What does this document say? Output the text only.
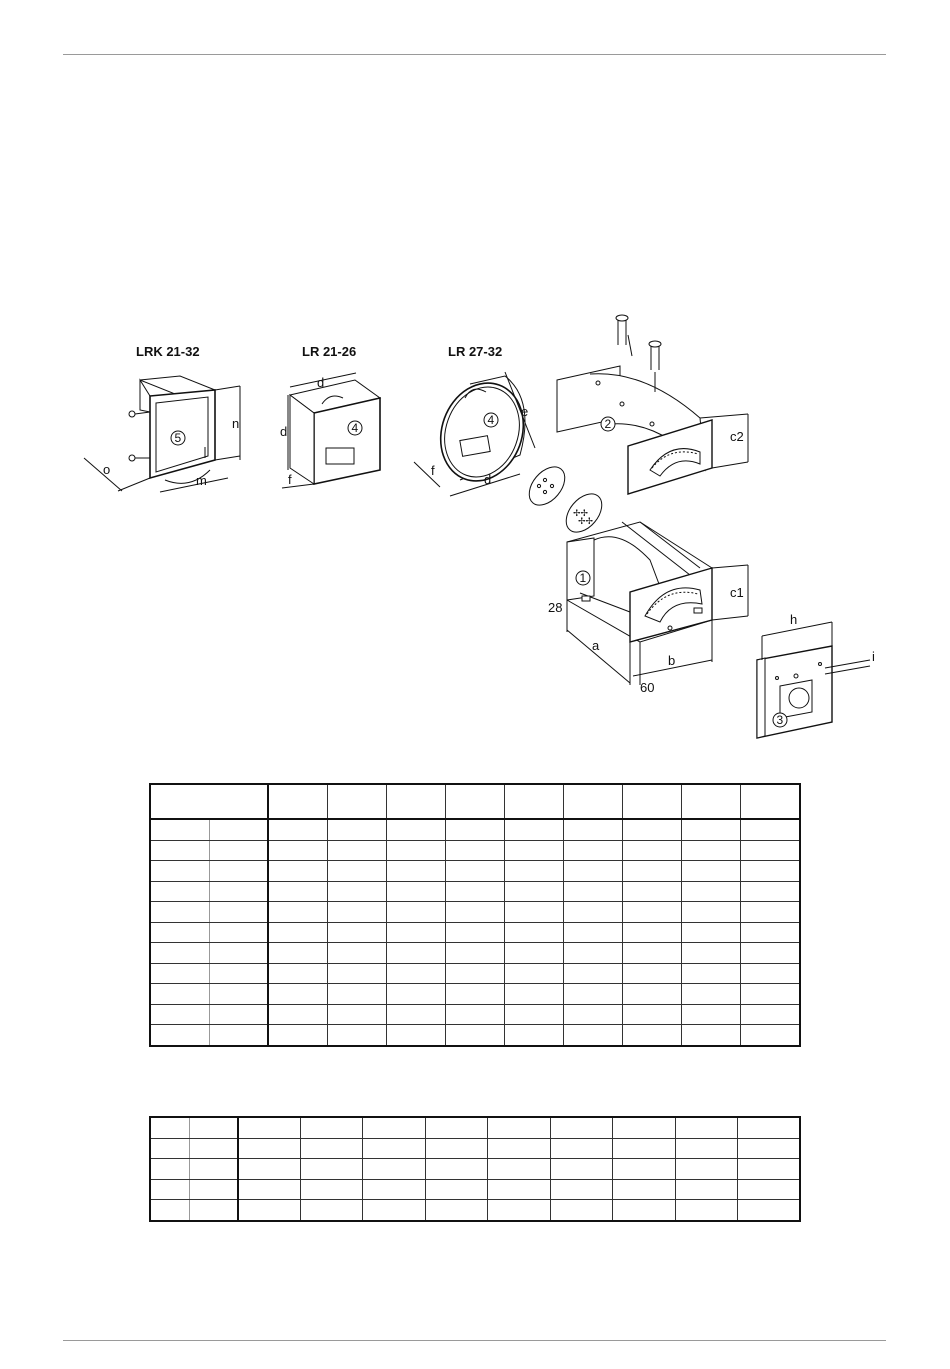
LRK 21-32
5
n
o
m
LR 21-26
4
d
d
f
LR 27-32
4
e
f
d
✢✢
✢✢
2
c2
1
c1
28
a
b
60
3
h
i
